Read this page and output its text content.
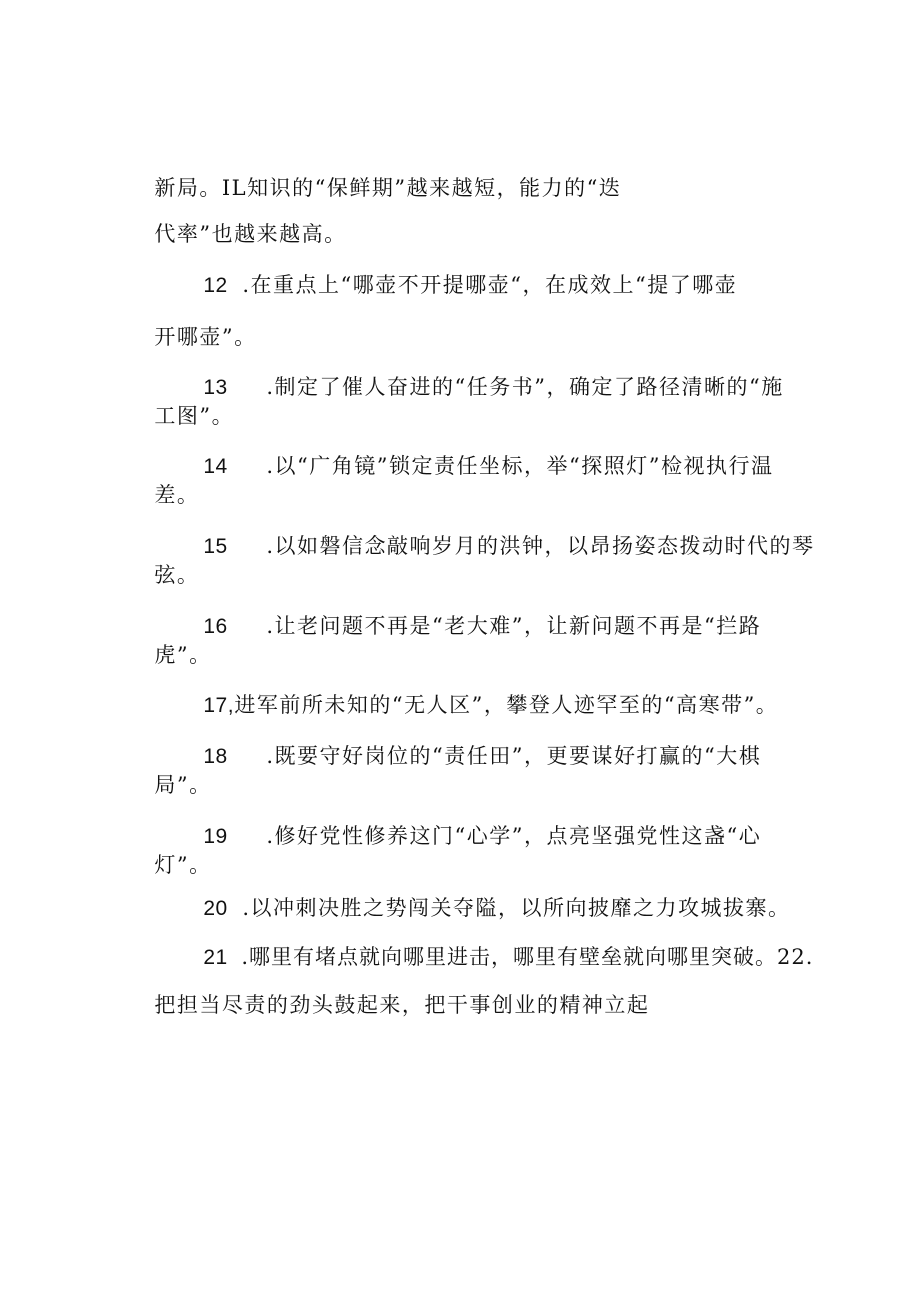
新局。IL知识的“保鲜期”越来越短，能力的“迭

代率”也越来越高。

12 .在重点上“哪壶不开提哪壶“，在成效上“提了哪壶

开哪壶”。

13	.制定了催人奋进的“任务书”，确定了路径清晰的“施

工图”。

14	.以“广角镜”锁定责任坐标，举“探照灯”检视执行温

差。

15	.以如磐信念敲响岁月的洪钟，以昂扬姿态拨动时代的琴

弦。

16	.让老问题不再是“老大难”，让新问题不再是“拦路

虎”。

17, 进军前所未知的“无人区”，攀登人迹罕至的“高寒带”。

18	.既要守好岗位的“责任田”，更要谋好打赢的“大棋

局”。

19	.修好党性修养这门“心学”，点亮坚强党性这盏“心

灯”。

20 .以冲刺决胜之势闯关夺隘，以所向披靡之力攻城拔寨。

21 .哪里有堵点就向哪里进击，哪里有壁垒就向哪里突破。22.

把担当尽责的劲头鼓起来，把干事创业的精神立起
